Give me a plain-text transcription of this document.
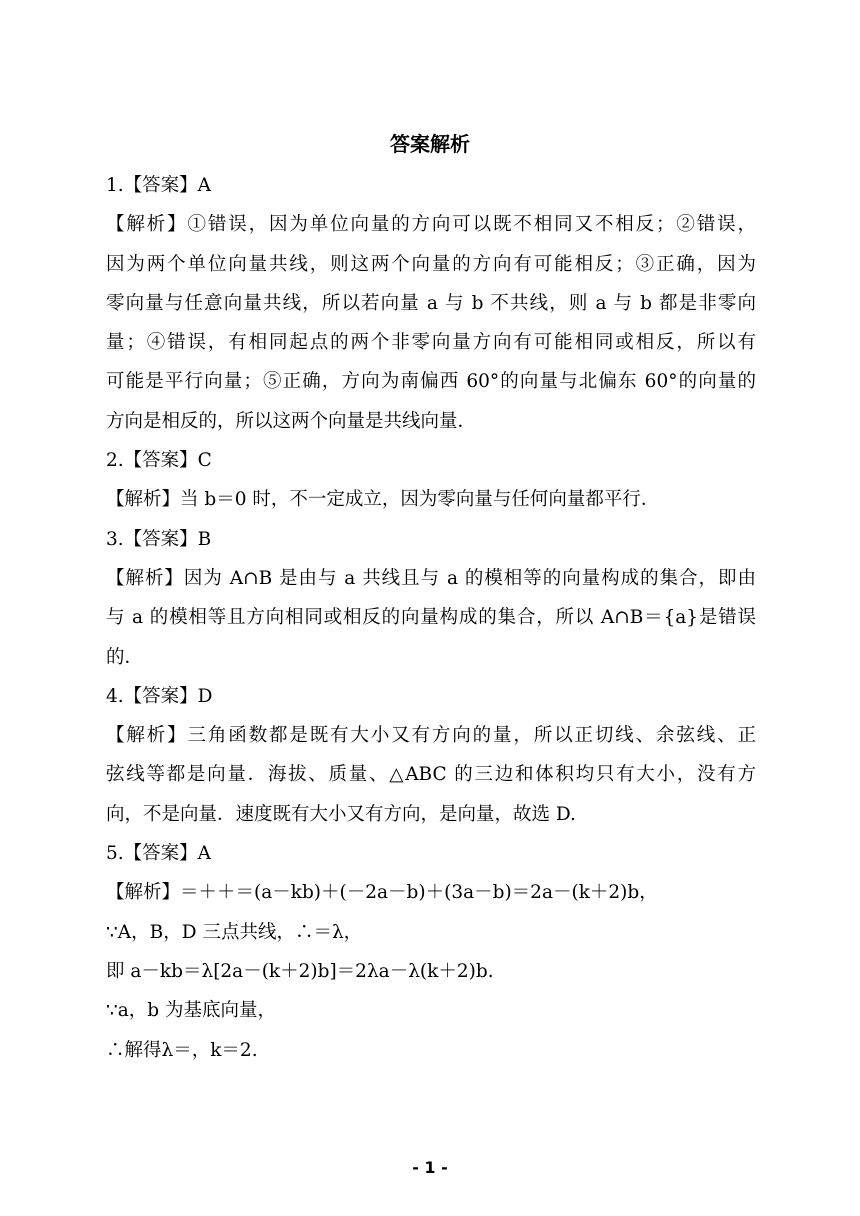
答案解析
1.【答案】A
【解析】①错误，因为单位向量的方向可以既不相同又不相反；②错误，
因为两个单位向量共线，则这两个向量的方向有可能相反；③正确，因为
零向量与任意向量共线，所以若向量 a 与 b 不共线，则 a 与 b 都是非零向
量；④错误，有相同起点的两个非零向量方向有可能相同或相反，所以有
可能是平行向量；⑤正确，方向为南偏西 60°的向量与北偏东 60°的向量的
方向是相反的，所以这两个向量是共线向量．
2.【答案】C
【解析】当 b＝0 时，不一定成立，因为零向量与任何向量都平行．
3.【答案】B
【解析】因为 A∩B 是由与 a 共线且与 a 的模相等的向量构成的集合，即由
与 a 的模相等且方向相同或相反的向量构成的集合，所以 A∩B＝{a}是错误
的．
4.【答案】D
【解析】三角函数都是既有大小又有方向的量，所以正切线、余弦线、正
弦线等都是向量．海拔、质量、△ABC 的三边和体积均只有大小，没有方
向，不是向量．速度既有大小又有方向，是向量，故选 D.
5.【答案】A
【解析】＝＋＋＝(a－kb)＋(－2a－b)＋(3a－b)＝2a－(k＋2)b，
∵A，B，D 三点共线，∴＝λ，
即 a－kb＝λ[2a－(k＋2)b]＝2λa－λ(k＋2)b.
∵a，b 为基底向量，
∴解得λ＝，k＝2.
- 1 -
